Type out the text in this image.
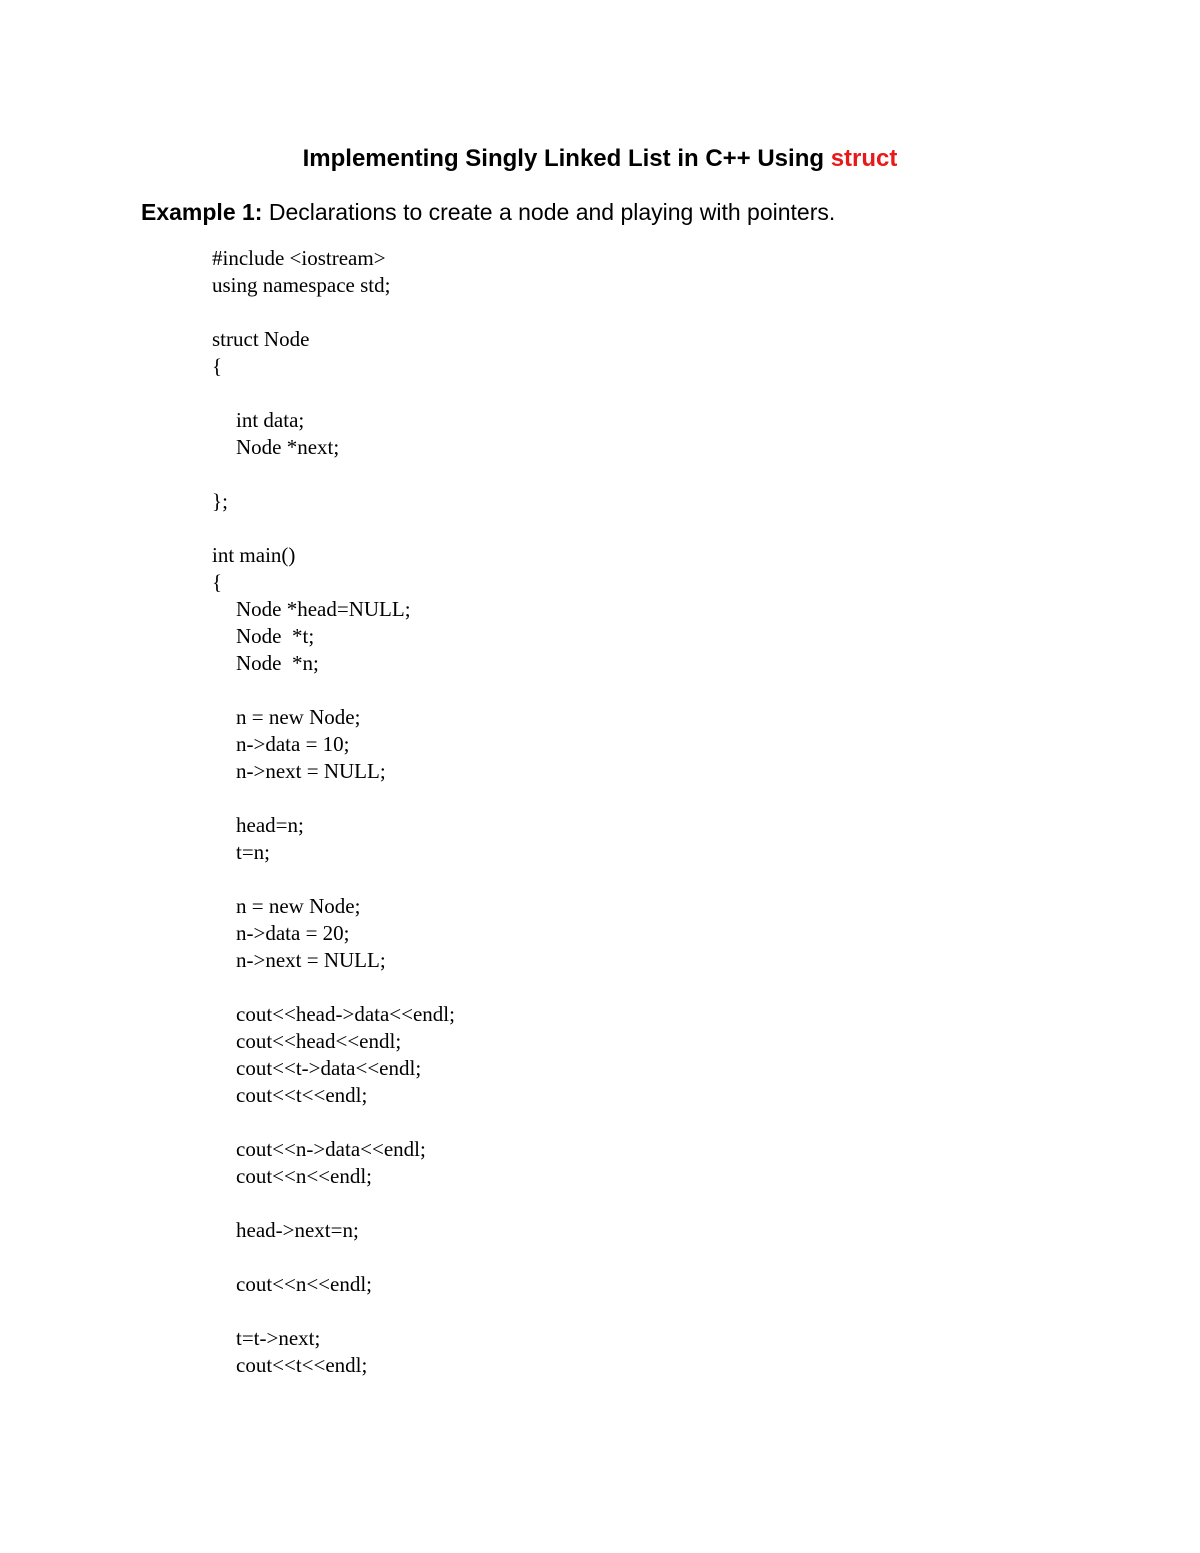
Implementing Singly Linked List in C++ Using struct
Example 1: Declarations to create a node and playing with pointers.
#include <iostream>
using namespace std;
struct Node
{
int data;
Node *next;
};
int main()
{
Node *head=NULL;
Node  *t;
Node  *n;
n = new Node;
n->data = 10;
n->next = NULL;
head=n;
t=n;
n = new Node;
n->data = 20;
n->next = NULL;
cout<<head->data<<endl;
cout<<head<<endl;
cout<<t->data<<endl;
cout<<t<<endl;
cout<<n->data<<endl;
cout<<n<<endl;
head->next=n;
cout<<n<<endl;
t=t->next;
cout<<t<<endl;
